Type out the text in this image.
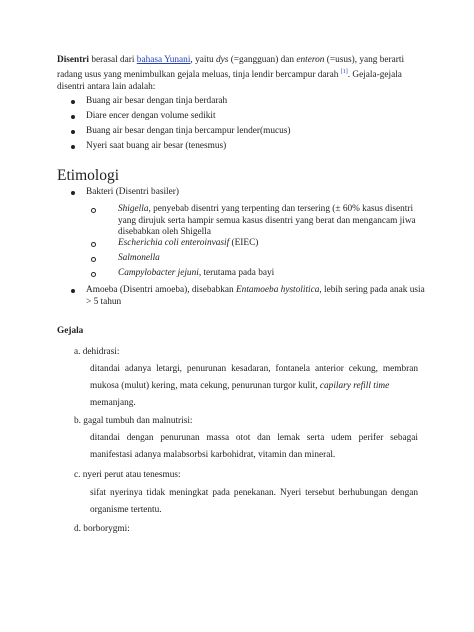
Disentri berasal dari bahasa Yunani, yaitu dys (=gangguan) dan enteron (=usus), yang berarti radang usus yang menimbulkan gejala meluas, tinja lendir bercampur darah [1]. Gejala-gejala disentri antara lain adalah:
Buang air besar dengan tinja berdarah
Diare encer dengan volume sedikit
Buang air besar dengan tinja bercampur lender(mucus)
Nyeri saat buang air besar (tenesmus)
Etimologi
Bakteri (Disentri basiler)
Shigella, penyebab disentri yang terpenting dan tersering (± 60% kasus disentri yang dirujuk serta hampir semua kasus disentri yang berat dan mengancam jiwa disebabkan oleh Shigella
Escherichia coli enteroinvasif (EIEC)
Salmonella
Campylobacter jejuni, terutama pada bayi
Amoeba (Disentri amoeba), disebabkan Entamoeba hystolitica, lebih sering pada anak usia > 5 tahun
Gejala
a. dehidrasi:
ditandai adanya letargi, penurunan kesadaran, fontanela anterior cekung, membran mukosa (mulut) kering, mata cekung, penurunan turgor kulit, capilary refill time
memanjang.
b. gagal tumbuh dan malnutrisi:
ditandai dengan penurunan massa otot dan lemak serta udem perifer sebagai manifestasi adanya malabsorbsi karbohidrat, vitamin dan mineral.
c. nyeri perut atau tenesmus:
sifat nyerinya tidak meningkat pada penekanan. Nyeri tersebut berhubungan dengan organisme tertentu.
d. borborygmi:
